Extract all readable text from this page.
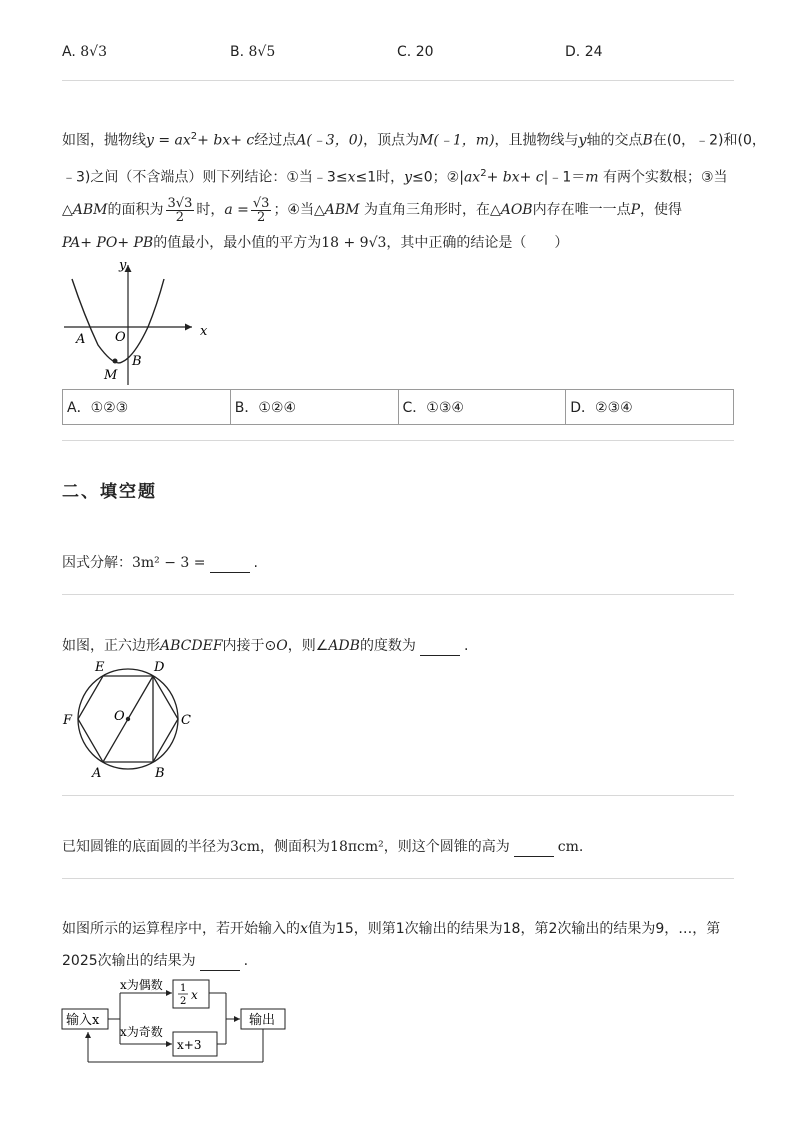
A. 8√3	B. 8√5	C. 20	D. 24
如图，抛物线$y = ax^2+ bx+ c$经过点A(﹣3，0)，顶点为M(﹣1，m)，且抛物线与y轴的交点B在(0，﹣2)和(0，
﹣3)之间（不含端点）则下列结论：①当﹣3≤x≤1时，y≤0；$②|ax^2+ bx+$ c|﹣1＝m 有两个实数根；③当
△ABM的面积为 $\frac{3√3}{2}$ 时，$a = \frac{√3}{2}$ ；④当△ABM 为直角三角形时，在△AOB内存在唯一一点P，使得
PA+ PO+ PB的值最小，最小值的平方为18 + 9√3，其中正确的结论是（　　）
y
x
O
A
B
M
A．①②③	B．①②④	C．①③④	D．②③④
二、填空题
因式分解：3m² − 3 =	.
如图，正六边形ABCDEF内接于⊙O，则∠ADB的度数为	.
E	D
F	O	C
A	B
已知圆锥的底面圆的半径为3cm，侧面积为18πcm²，则这个圆锥的高为	cm.
如图所示的运算程序中，若开始输入的x值为15，则第1次输出的结果为18，第2次输出的结果为9，…，第
2025次输出的结果为	.
输入x
x为偶数
x为奇数
1
2 x
x+3
输出
